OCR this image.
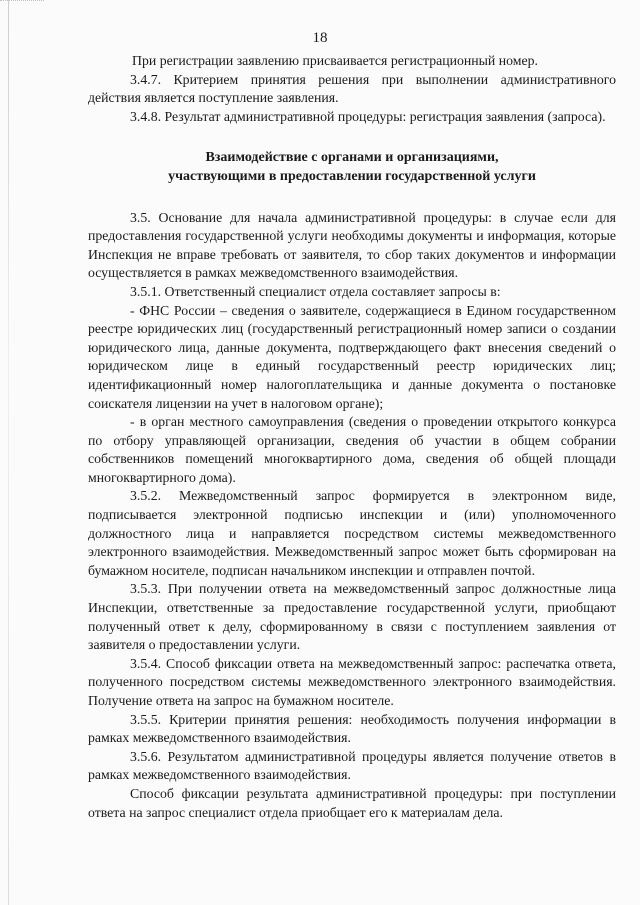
18

При регистрации заявлению присваивается регистрационный номер.

3.4.7. Критерием принятия решения при выполнении административного действия является поступление заявления.

3.4.8. Результат административной процедуры: регистрация заявления (запроса).

Взаимодействие с органами и организациями,
участвующими в предоставлении государственной услуги

3.5. Основание для начала административной процедуры: в случае если для предоставления государственной услуги необходимы документы и информация, которые Инспекция не вправе требовать от заявителя, то сбор таких документов и информации осуществляется в рамках межведомственного взаимодействия.

3.5.1. Ответственный специалист отдела составляет запросы в:

- ФНС России – сведения о заявителе, содержащиеся в Едином государственном реестре юридических лиц (государственный регистрационный номер записи о создании юридического лица, данные документа, подтверждающего факт внесения сведений о юридическом лице в единый государственный реестр юридических лиц; идентификационный номер налогоплательщика и данные документа о постановке соискателя лицензии на учет в налоговом органе);

- в орган местного самоуправления (сведения о проведении открытого конкурса по отбору управляющей организации, сведения об участии в общем собрании собственников помещений многоквартирного дома, сведения об общей площади многоквартирного дома).

3.5.2. Межведомственный запрос формируется в электронном виде, подписывается электронной подписью инспекции и (или) уполномоченного должностного лица и направляется посредством системы межведомственного электронного взаимодействия. Межведомственный запрос может быть сформирован на бумажном носителе, подписан начальником инспекции и отправлен почтой.

3.5.3. При получении ответа на межведомственный запрос должностные лица Инспекции, ответственные за предоставление государственной услуги, приобщают полученный ответ к делу, сформированному в связи с поступлением заявления от заявителя о предоставлении услуги.

3.5.4. Способ фиксации ответа на межведомственный запрос: распечатка ответа, полученного посредством системы межведомственного электронного взаимодействия. Получение ответа на запрос на бумажном носителе.

3.5.5. Критерии принятия решения: необходимость получения информации в рамках межведомственного взаимодействия.

3.5.6. Результатом административной процедуры является получение ответов в рамках межведомственного взаимодействия.

Способ фиксации результата административной процедуры: при поступлении ответа на запрос специалист отдела приобщает его к материалам дела.
